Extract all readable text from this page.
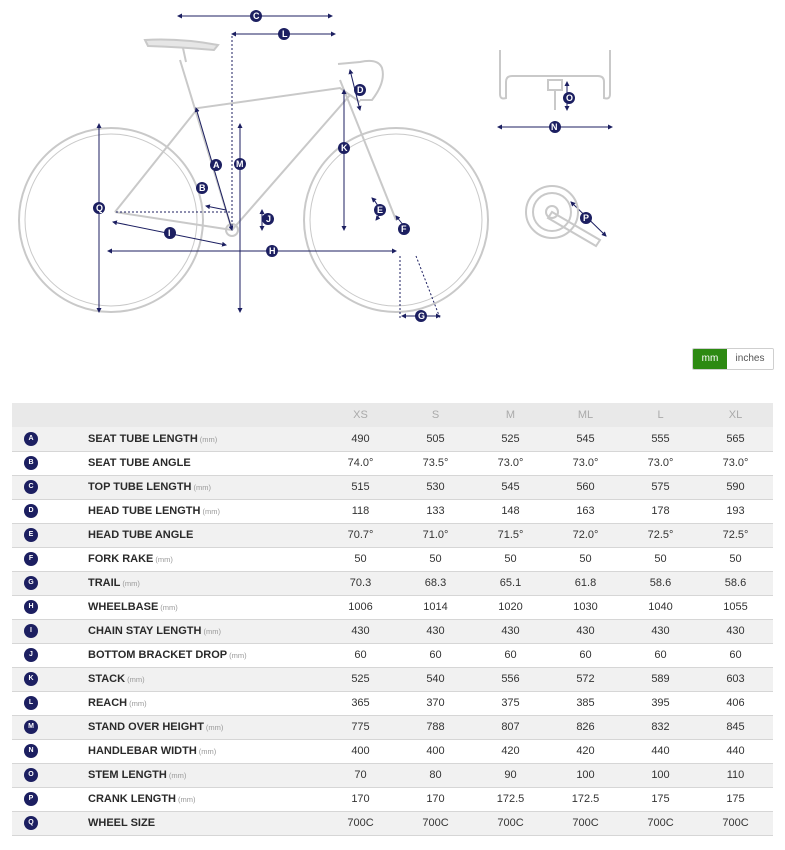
A
B
C
D
E
F
G
H
I
J
K
L
M
N
O
P
Q
mm	inches
		XS	S	M	ML	L	XL
A	SEAT TUBE LENGTH (mm)	490	505	525	545	555	565
B	SEAT TUBE ANGLE	74.0°	73.5°	73.0°	73.0°	73.0°	73.0°
C	TOP TUBE LENGTH (mm)	515	530	545	560	575	590
D	HEAD TUBE LENGTH (mm)	118	133	148	163	178	193
E	HEAD TUBE ANGLE	70.7°	71.0°	71.5°	72.0°	72.5°	72.5°
F	FORK RAKE (mm)	50	50	50	50	50	50
G	TRAIL (mm)	70.3	68.3	65.1	61.8	58.6	58.6
H	WHEELBASE (mm)	1006	1014	1020	1030	1040	1055
I	CHAIN STAY LENGTH (mm)	430	430	430	430	430	430
J	BOTTOM BRACKET DROP (mm)	60	60	60	60	60	60
K	STACK (mm)	525	540	556	572	589	603
L	REACH (mm)	365	370	375	385	395	406
M	STAND OVER HEIGHT (mm)	775	788	807	826	832	845
N	HANDLEBAR WIDTH (mm)	400	400	420	420	440	440
O	STEM LENGTH (mm)	70	80	90	100	100	110
P	CRANK LENGTH (mm)	170	170	172.5	172.5	175	175
Q	WHEEL SIZE	700C	700C	700C	700C	700C	700C
